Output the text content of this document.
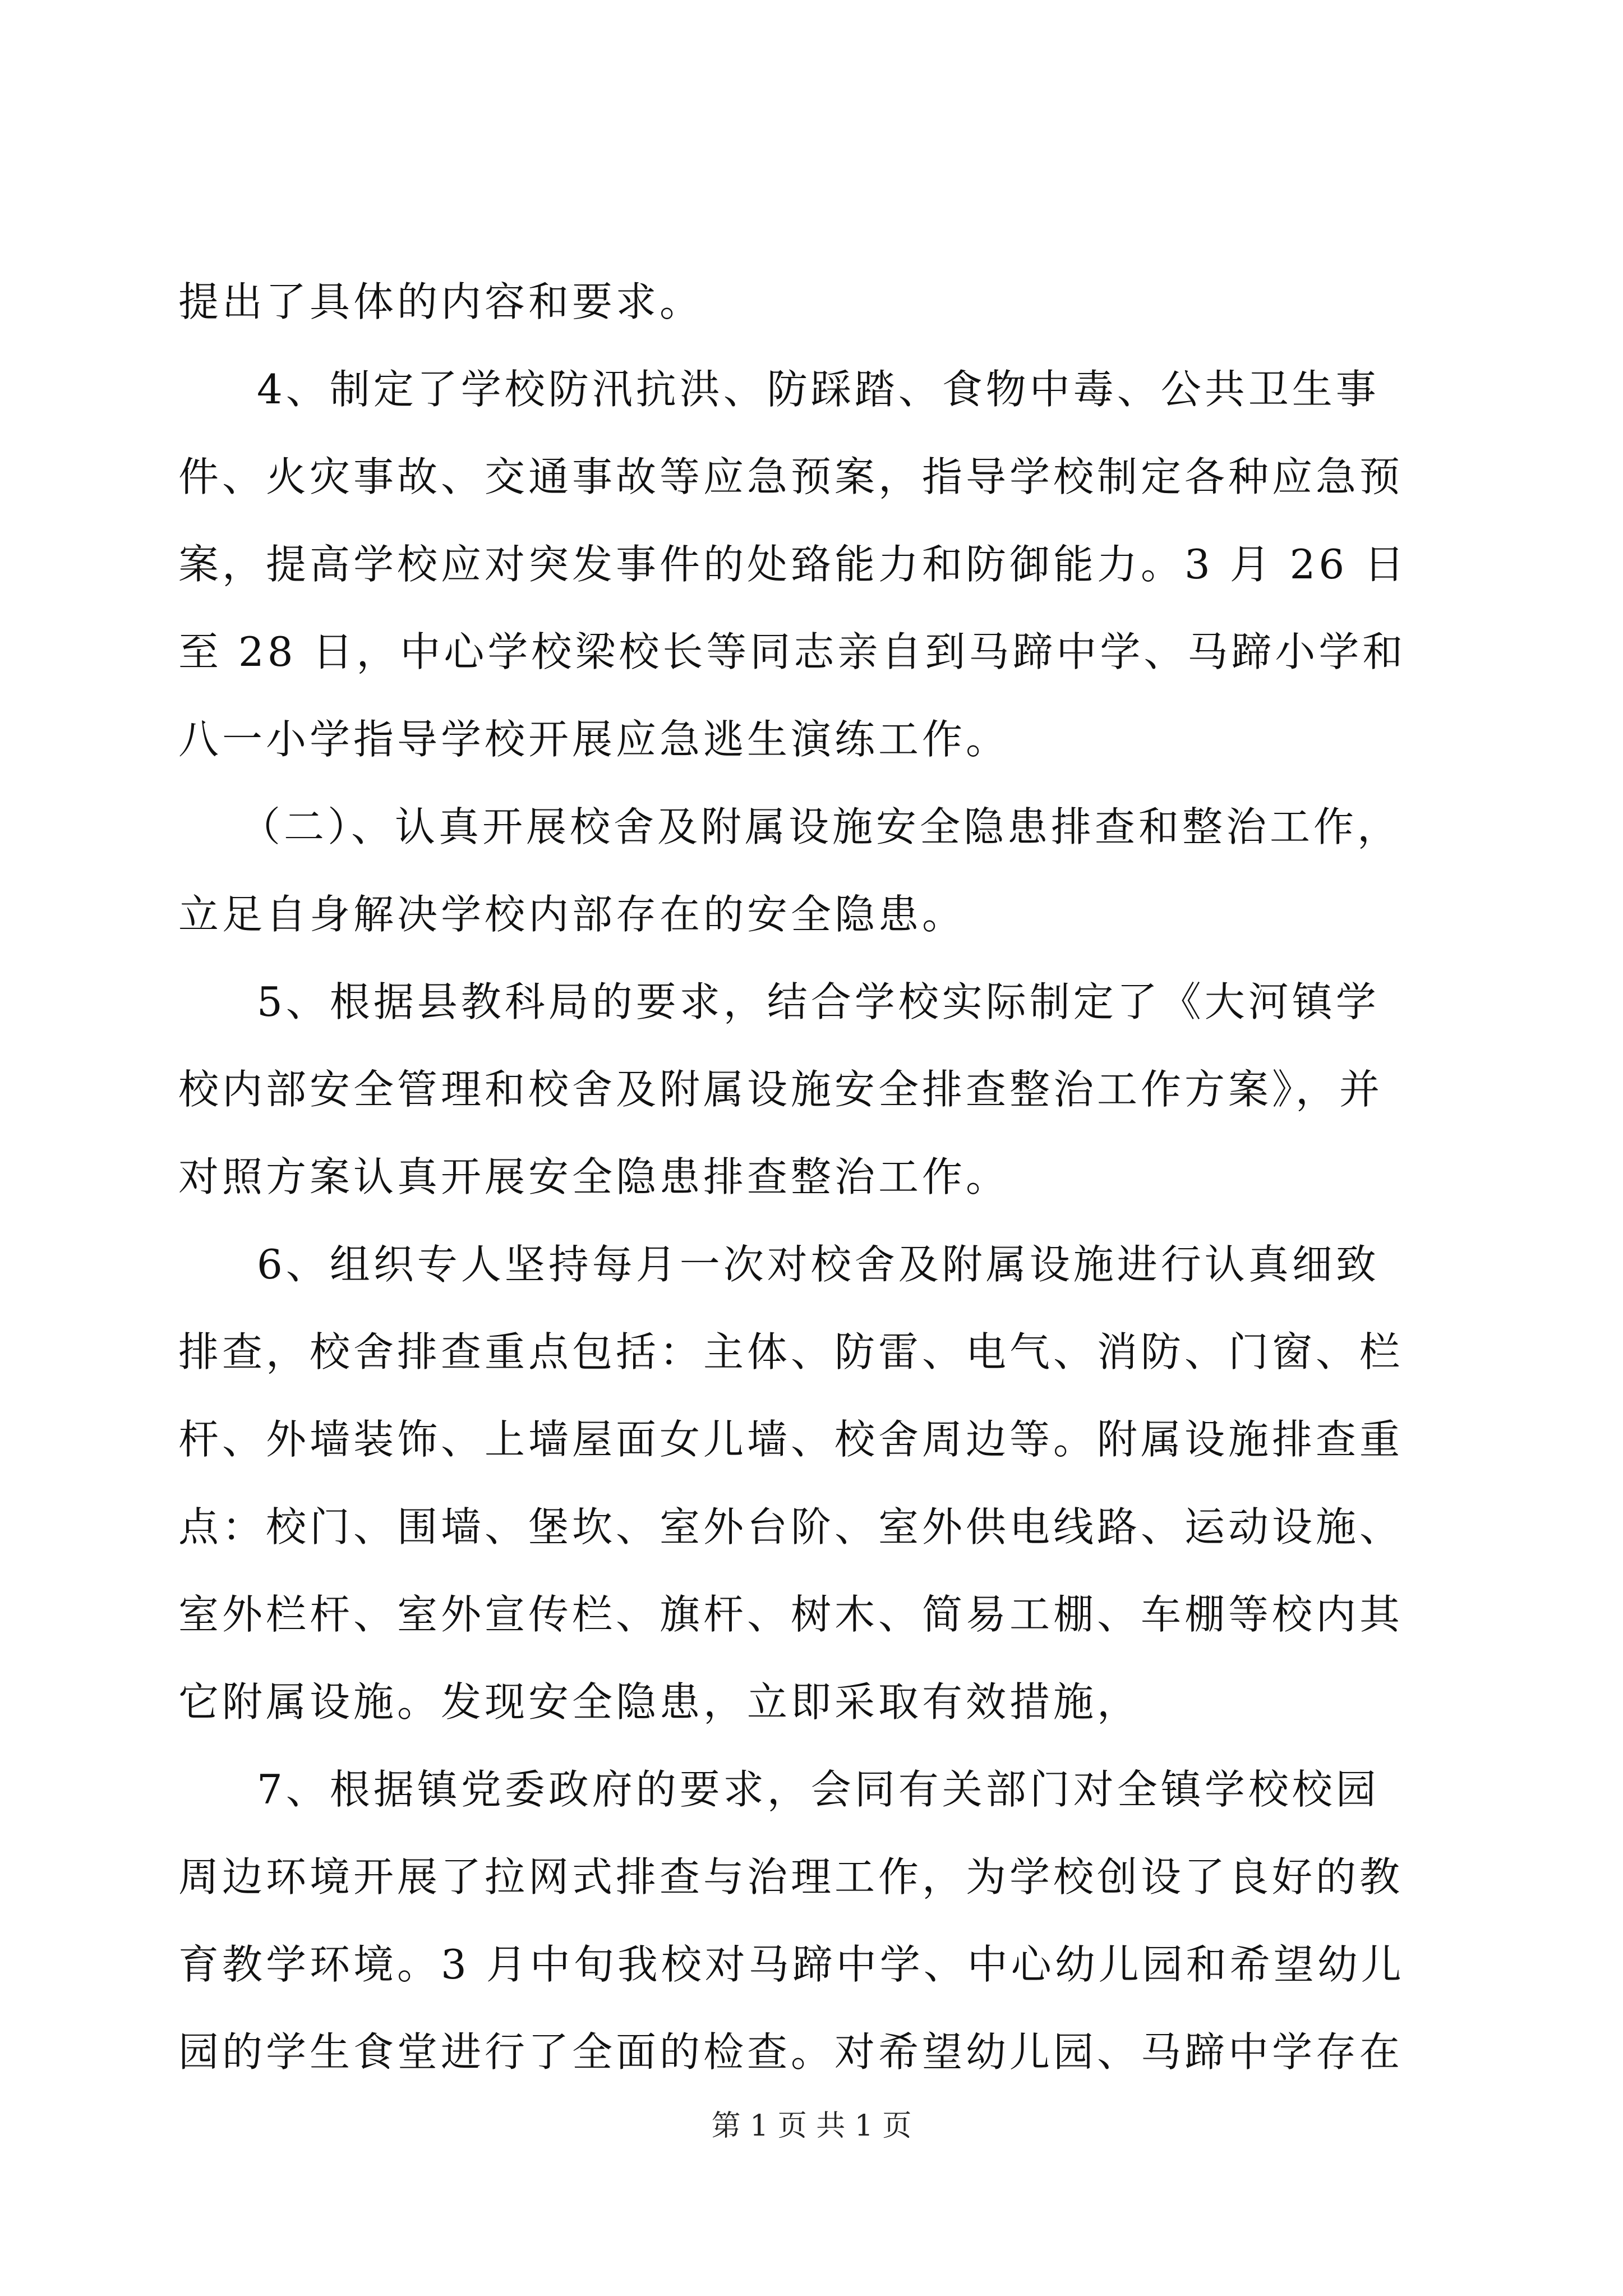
提出了具体的内容和要求。
4、制定了学校防汛抗洪、防踩踏、食物中毒、公共卫生事
件、火灾事故、交通事故等应急预案，指导学校制定各种应急预
案，提高学校应对突发事件的处臵能力和防御能力。3 月 26 日
至 28 日，中心学校梁校长等同志亲自到马蹄中学、马蹄小学和
八一小学指导学校开展应急逃生演练工作。
（二）、认真开展校舍及附属设施安全隐患排查和整治工作，
立足自身解决学校内部存在的安全隐患。
5、根据县教科局的要求，结合学校实际制定了《大河镇学
校内部安全管理和校舍及附属设施安全排查整治工作方案》，并
对照方案认真开展安全隐患排查整治工作。
6、组织专人坚持每月一次对校舍及附属设施进行认真细致
排查，校舍排查重点包括：主体、防雷、电气、消防、门窗、栏
杆、外墙装饰、上墙屋面女儿墙、校舍周边等。附属设施排查重
点：校门、围墙、堡坎、室外台阶、室外供电线路、运动设施、
室外栏杆、室外宣传栏、旗杆、树木、简易工棚、车棚等校内其
它附属设施。发现安全隐患，立即采取有效措施，
7、根据镇党委政府的要求，会同有关部门对全镇学校校园
周边环境开展了拉网式排查与治理工作，为学校创设了良好的教
育教学环境。3 月中旬我校对马蹄中学、中心幼儿园和希望幼儿
园的学生食堂进行了全面的检查。对希望幼儿园、马蹄中学存在
第 1 页 共 1 页
